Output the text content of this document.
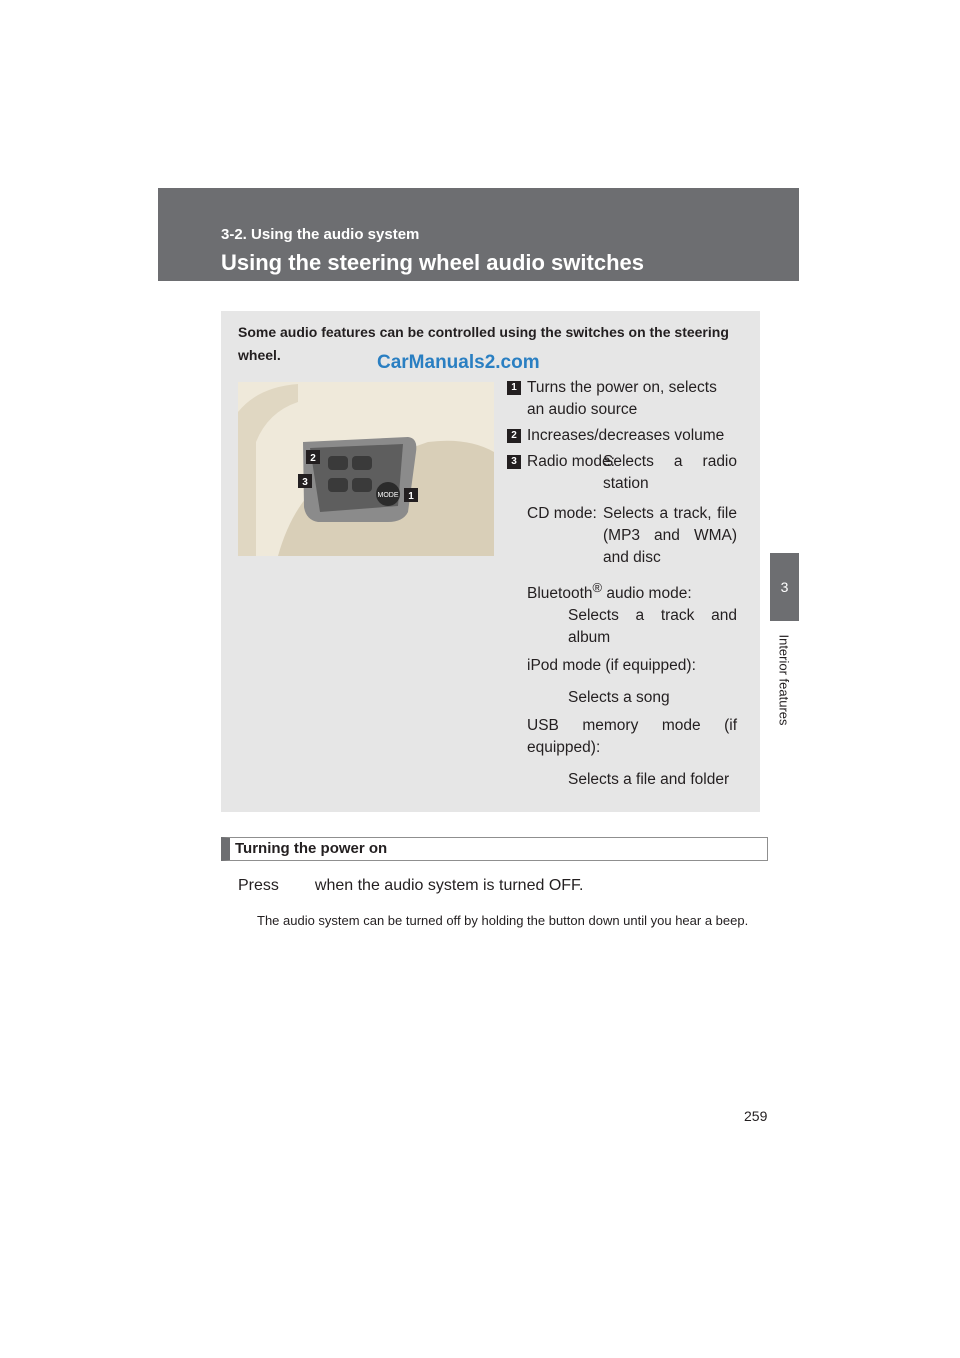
3-2. Using the audio system
Using the steering wheel audio switches
3
Interior features
Some audio features can be controlled using the switches on the steering wheel.	CarManuals2.com
MODE
2
3
1
1 Turns the power on, selects an audio source
2 Increases/decreases volume
3 Radio mode:
Selects a radio station
CD mode: Selects a track, file (MP3 and WMA) and disc
Bluetooth® audio mode:
Selects a track and album
iPod mode (if equipped):
Selects a song
USB memory mode (if equipped):
Selects a file and folder
Turning the power on
Press when the audio system is turned OFF.
The audio system can be turned off by holding the button down until you hear a beep.
259
